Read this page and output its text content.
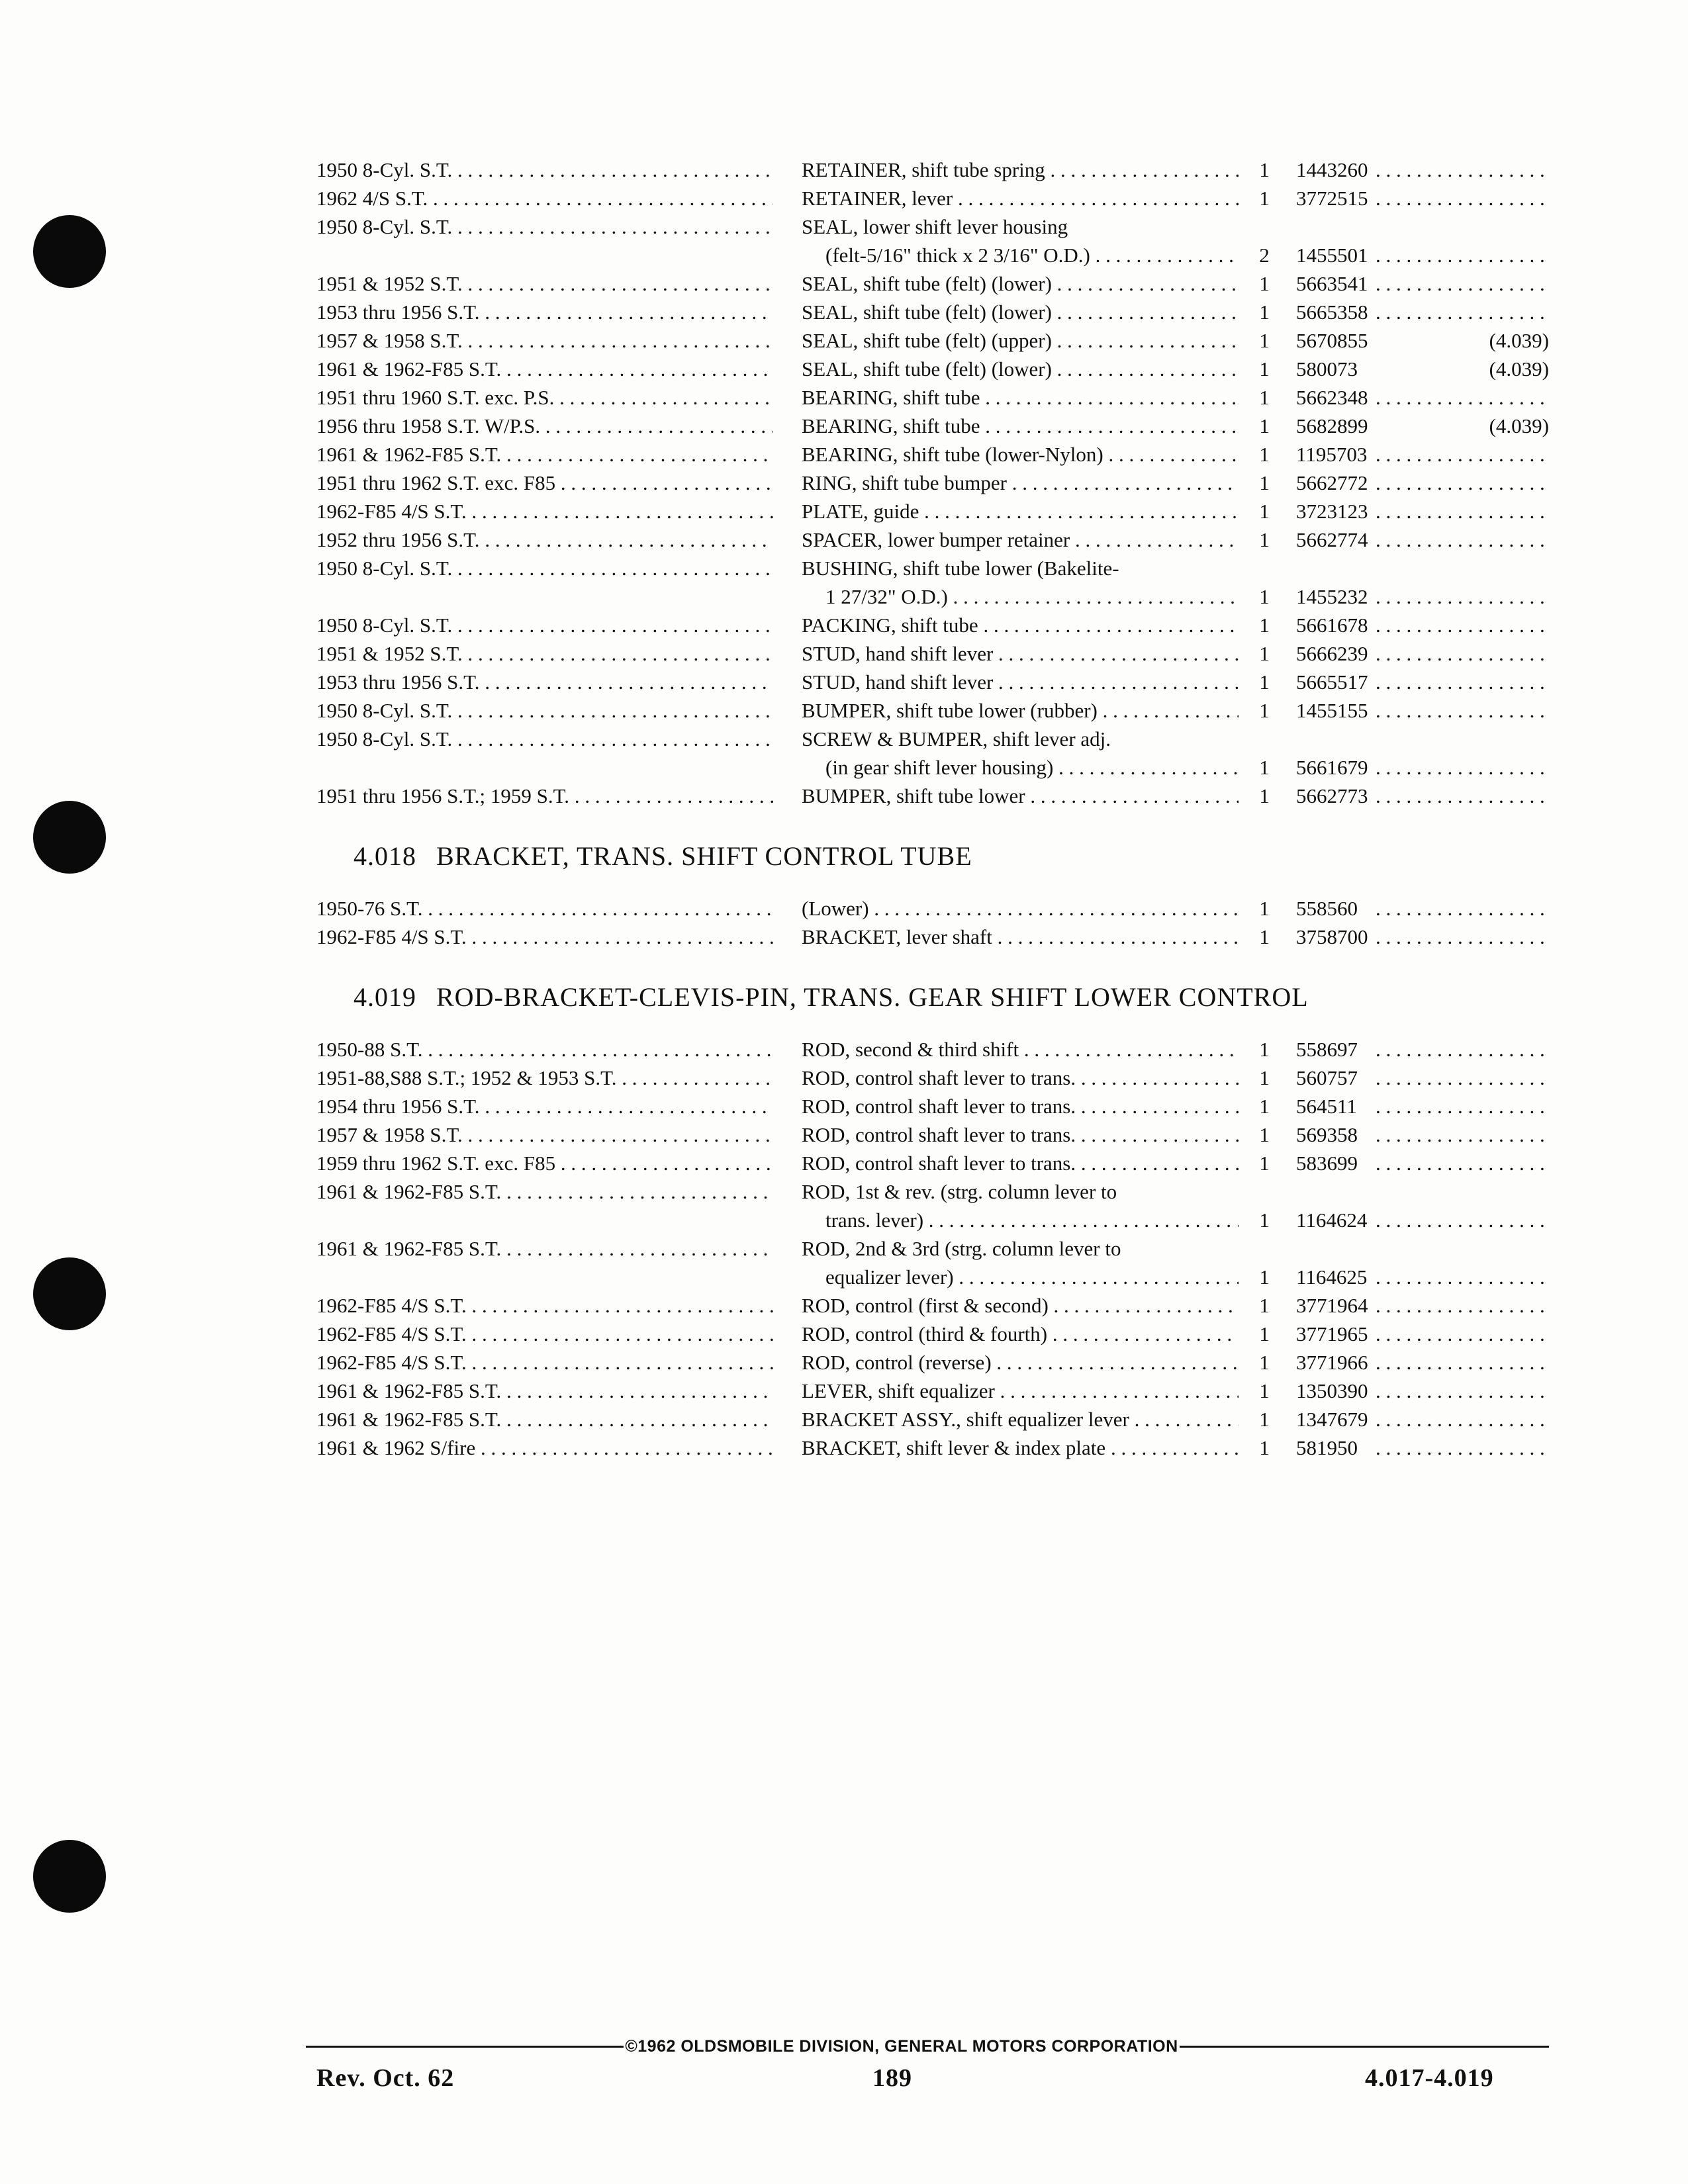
1950 8-Cyl. S.T. . . .	RETAINER, shift tube spring . . .	1	1443260
. . .
1962 4/S S.T. . . .	RETAINER, lever . . .	1	3772515
. . .
1950 8-Cyl. S.T. . . .	SEAL, lower shift lever housing
(felt-5/16" thick x 2 3/16" O.D.) . . .	2	1455501
. . .
1951 & 1952 S.T. . . .	SEAL, shift tube (felt) (lower) . . .	1	5663541
. . .
1953 thru 1956 S.T. . . .	SEAL, shift tube (felt) (lower) . . .	1	5665358
. . .
1957 & 1958 S.T. . . .	SEAL, shift tube (felt) (upper) . . .	1	5670855	(4.039)
1961 & 1962-F85 S.T. . . .	SEAL, shift tube (felt) (lower) . . .	1	580073	(4.039)
1951 thru 1960 S.T. exc. P.S. . . .	BEARING, shift tube . . .	1	5662348
. . .
1956 thru 1958 S.T. W/P.S. . . .	BEARING, shift tube . . .	1	5682899	(4.039)
1961 & 1962-F85 S.T. . . .	BEARING, shift tube (lower-Nylon) . . .	1	1195703
. . .
1951 thru 1962 S.T. exc. F85 . . .	RING, shift tube bumper . . .	1	5662772
. . .
1962-F85 4/S S.T. . . .	PLATE, guide . . .	1	3723123
. . .
1952 thru 1956 S.T. . . .	SPACER, lower bumper retainer . . .	1	5662774
. . .
1950 8-Cyl. S.T. . . .	BUSHING, shift tube lower (Bakelite-
1 27/32" O.D.) . . .	1	1455232
. . .
1950 8-Cyl. S.T. . . .	PACKING, shift tube . . .	1	5661678
. . .
1951 & 1952 S.T. . . .	STUD, hand shift lever . . .	1	5666239
. . .
1953 thru 1956 S.T. . . .	STUD, hand shift lever . . .	1	5665517
. . .
1950 8-Cyl. S.T. . . .	BUMPER, shift tube lower (rubber) . . .	1	1455155
. . .
1950 8-Cyl. S.T. . . .	SCREW & BUMPER, shift lever adj.
(in gear shift lever housing) . . .	1	5661679
. . .
1951 thru 1956 S.T.; 1959 S.T. . . .	BUMPER, shift tube lower . . .	1	5662773
. . .
4.018 BRACKET, TRANS. SHIFT CONTROL TUBE
1950-76 S.T. . . .	(Lower) . . .	1	558560
. . .
1962-F85 4/S S.T. . . .	BRACKET, lever shaft . . .	1	3758700
. . .
4.019 ROD-BRACKET-CLEVIS-PIN, TRANS. GEAR SHIFT LOWER CONTROL
1950-88 S.T. . . .	ROD, second & third shift . . .	1	558697
. . .
1951-88,S88 S.T.; 1952 & 1953 S.T. . . .	ROD, control shaft lever to trans. . . .	1	560757
. . .
1954 thru 1956 S.T. . . .	ROD, control shaft lever to trans. . . .	1	564511
. . .
1957 & 1958 S.T. . . .	ROD, control shaft lever to trans. . . .	1	569358
. . .
1959 thru 1962 S.T. exc. F85 . . .	ROD, control shaft lever to trans. . . .	1	583699
. . .
1961 & 1962-F85 S.T. . . .	ROD, 1st & rev. (strg. column lever to
trans. lever) . . .	1	1164624
. . .
1961 & 1962-F85 S.T. . . .	ROD, 2nd & 3rd (strg. column lever to
equalizer lever) . . .	1	1164625
. . .
1962-F85 4/S S.T. . . .	ROD, control (first & second) . . .	1	3771964
. . .
1962-F85 4/S S.T. . . .	ROD, control (third & fourth) . . .	1	3771965
. . .
1962-F85 4/S S.T. . . .	ROD, control (reverse) . . .	1	3771966
. . .
1961 & 1962-F85 S.T. . . .	LEVER, shift equalizer . . .	1	1350390
. . .
1961 & 1962-F85 S.T. . . .	BRACKET ASSY., shift equalizer lever . . .	1	1347679
. . .
1961 & 1962 S/fire . . .	BRACKET, shift lever & index plate . . .	1	581950
. . .
©1962 OLDSMOBILE DIVISION, GENERAL MOTORS CORPORATION
Rev. Oct. 62	189	4.017-4.019
